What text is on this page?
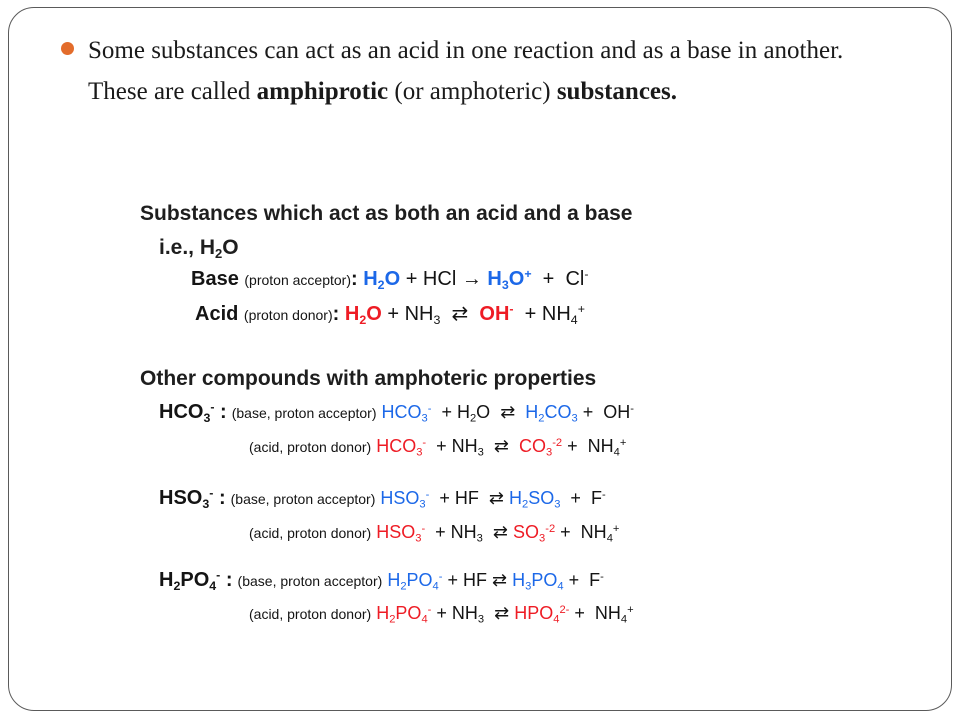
Some substances can act as an acid in one reaction and as a base in another. These are called amphiprotic (or amphoteric) substances.
Substances which act as both an acid and a base
i.e., $H_2O$
Base (proton acceptor): $H_2O$ + HCl → $H_3O^+ + Cl^-$
Acid (proton donor): $H_2O + NH_3$ ⇄ $OH^- + NH_4^+$
Other compounds with amphoteric properties
$HCO_3^-$ : (base, proton acceptor) $HCO_3^- + H_2O$  ⇄ $H_2CO_3 + OH^-$
(acid, proton donor) $HCO_3^- + NH_3$ ⇄ $CO_3^{-2} + NH_4^+$
$HSO_3^-$ : (base, proton acceptor) $HSO_3^-$  + HF  ⇄ $H_2SO_3 + F^-$
(acid, proton donor) $HSO_3^- + NH_3$ ⇄ $SO_3^{-2} + NH_4^+$
$H_2PO_4^-$ : (base, proton acceptor) $H_2PO_4^-$ + HF ⇄ $H_3PO_4 + F^-$
(acid, proton donor) $H_2PO_4^- + NH_3$ ⇄ $HPO_4^{2-} + NH_4^+$
